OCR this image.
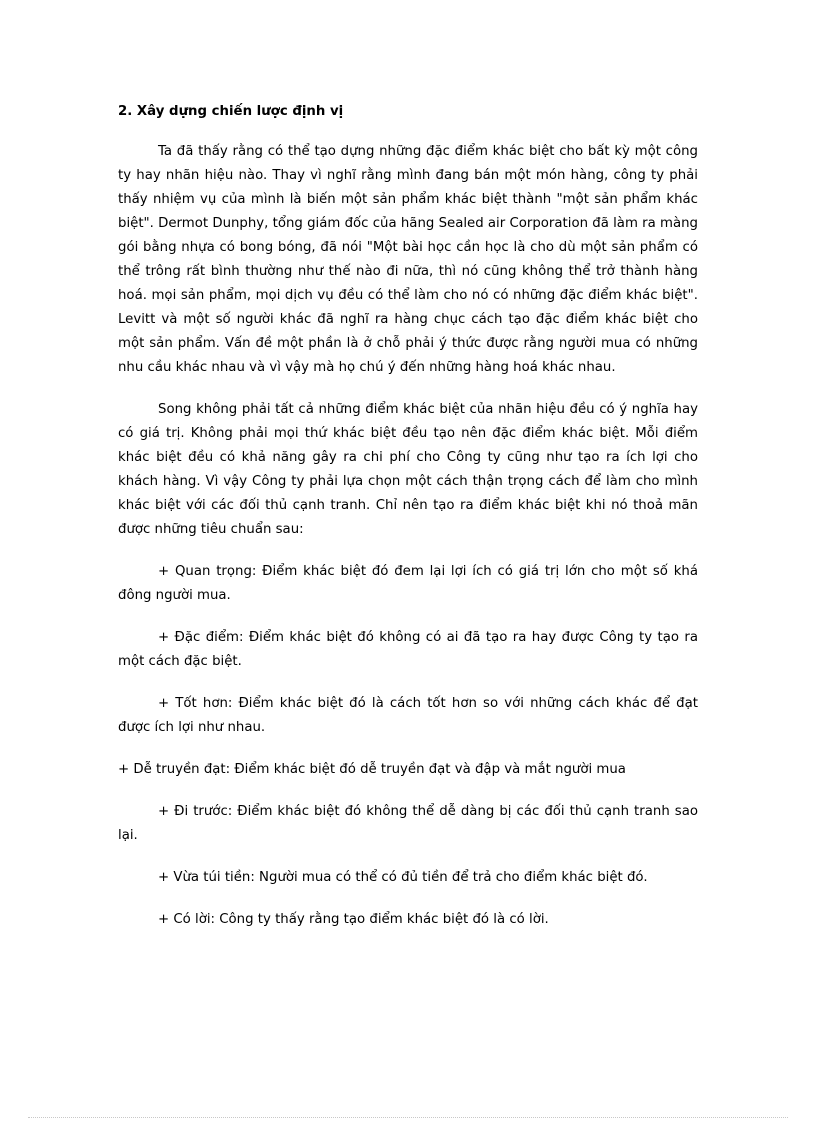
2. Xây dựng chiến lược định vị

Ta đã thấy rằng có thể tạo dựng những đặc điểm khác biệt cho bất kỳ một công ty hay nhãn hiệu nào. Thay vì nghĩ rằng mình đang bán một món hàng, công ty phải thấy nhiệm vụ của mình là biến một sản phẩm khác biệt thành "một sản phẩm khác biệt". Dermot Dunphy, tổng giám đốc của hãng Sealed air Corporation đã làm ra màng gói bằng nhựa có bong bóng, đã nói "Một bài học cần học là cho dù một sản phẩm có thể trông rất bình thường như thế nào đi nữa, thì nó cũng không thể trở thành hàng hoá. mọi sản phẩm, mọi dịch vụ đều có thể làm cho nó có những đặc điểm khác biệt". Levitt và một số người khác đã nghĩ ra hàng chục cách tạo đặc điểm khác biệt cho một sản phẩm. Vấn đề một phần là ở chỗ phải ý thức được rằng người mua có những nhu cầu khác nhau và vì vậy mà họ chú ý đến những hàng hoá khác nhau.

Song không phải tất cả những điểm khác biệt của nhãn hiệu đều có ý nghĩa hay có giá trị. Không phải mọi thứ khác biệt đều tạo nên đặc điểm khác biệt. Mỗi điểm khác biệt đều có khả năng gây ra chi phí cho Công ty cũng như tạo ra ích lợi cho khách hàng. Vì vậy Công ty phải lựa chọn một cách thận trọng cách để làm cho mình khác biệt với các đối thủ cạnh tranh. Chỉ nên tạo ra điểm khác biệt khi nó thoả mãn được những tiêu chuẩn sau:

+ Quan trọng: Điểm khác biệt đó đem lại lợi ích có giá trị lớn cho một số khá đông người mua.

+ Đặc điểm: Điểm khác biệt đó không có ai đã tạo ra hay được Công ty tạo ra một cách đặc biệt.

+ Tốt hơn: Điểm khác biệt đó là cách tốt hơn so với những cách khác để đạt được ích lợi như nhau.

+ Dễ truyền đạt: Điểm khác biệt đó dễ truyền đạt và đập và mắt người mua

+ Đi trước: Điểm khác biệt đó không thể dễ dàng bị các đối thủ cạnh tranh sao lại.

+ Vừa túi tiền: Người mua có thể có đủ tiền để trả cho điểm khác biệt đó.

+ Có lời: Công ty thấy rằng tạo điểm khác biệt đó là có lời.
